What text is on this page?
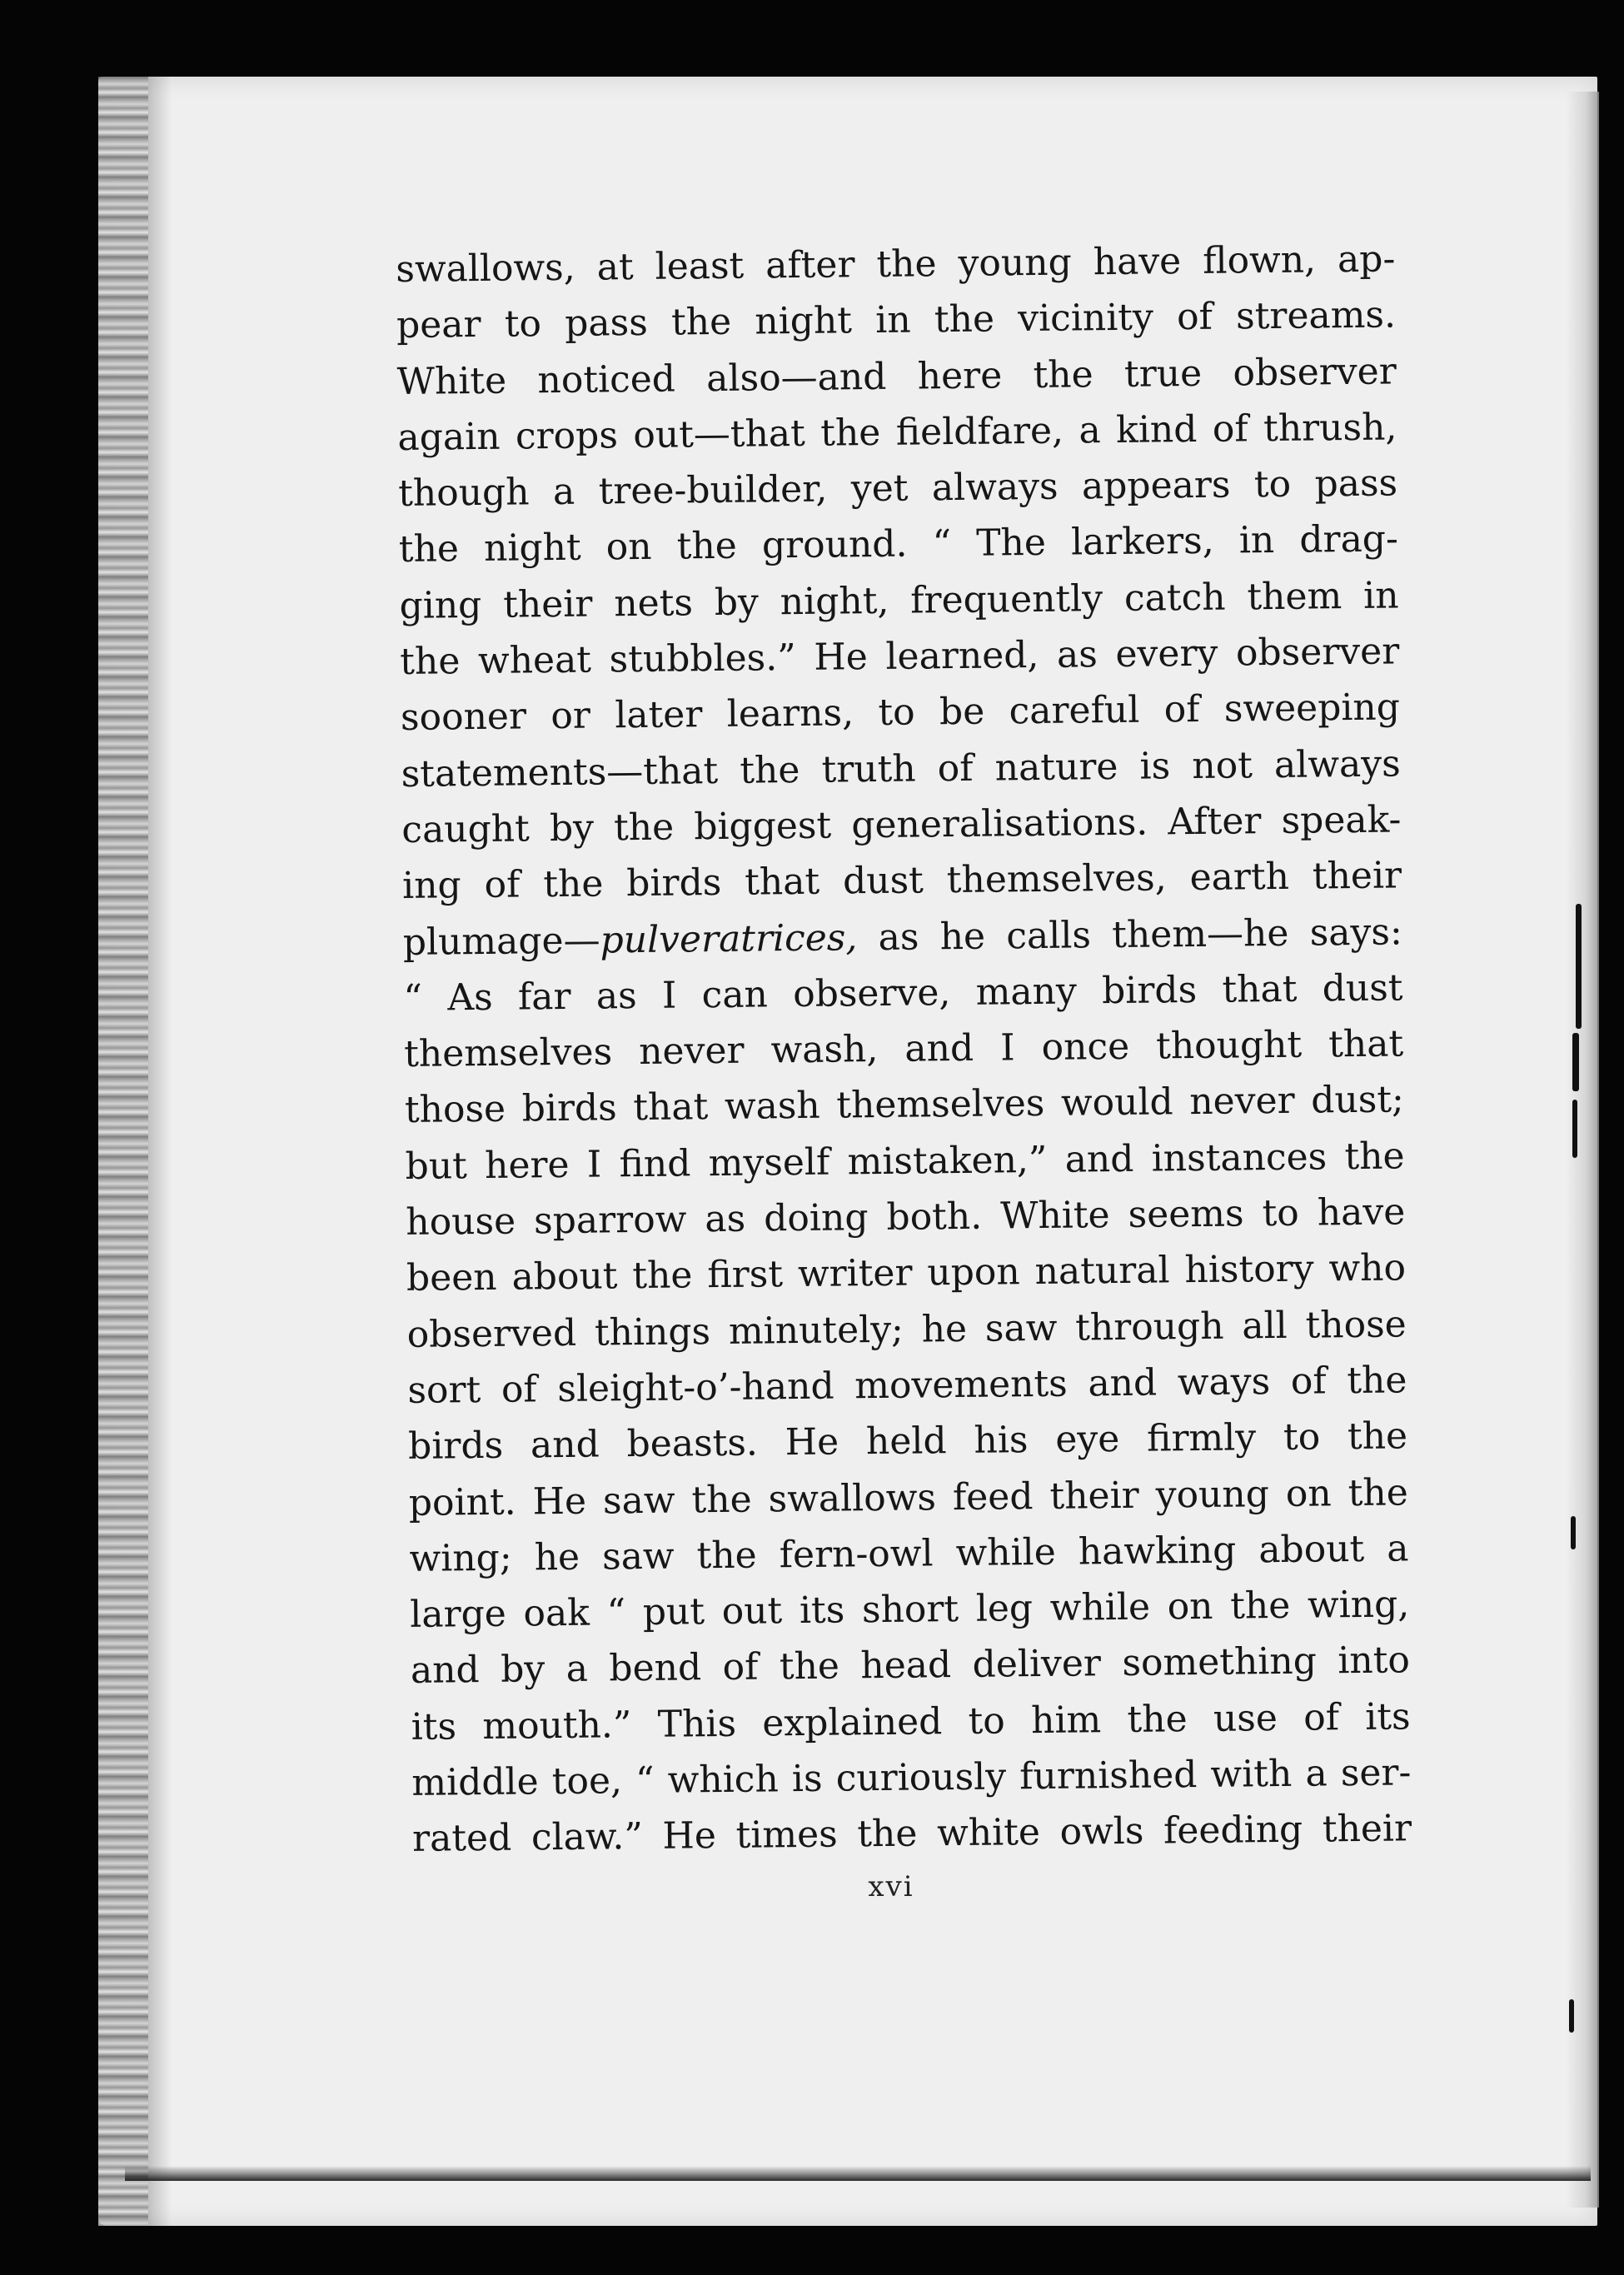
swallows, at least after the young have flown, ap-
pear to pass the night in the vicinity of streams.
White noticed also—and here the true observer
again crops out—that the fieldfare, a kind of thrush,
though a tree-builder, yet always appears to pass
the night on the ground. “ The larkers, in drag-
ging their nets by night, frequently catch them in
the wheat stubbles.” He learned, as every observer
sooner or later learns, to be careful of sweeping
statements—that the truth of nature is not always
caught by the biggest generalisations. After speak-
ing of the birds that dust themselves, earth their
plumage—pulveratrices, as he calls them—he says:
“ As far as I can observe, many birds that dust
themselves never wash, and I once thought that
those birds that wash themselves would never dust;
but here I find myself mistaken,” and instances the
house sparrow as doing both. White seems to have
been about the first writer upon natural history who
observed things minutely; he saw through all those
sort of sleight-o’-hand movements and ways of the
birds and beasts. He held his eye firmly to the
point. He saw the swallows feed their young on the
wing; he saw the fern-owl while hawking about a
large oak “ put out its short leg while on the wing,
and by a bend of the head deliver something into
its mouth.” This explained to him the use of its
middle toe, “ which is curiously furnished with a ser-
rated claw.” He times the white owls feeding their
xvi
